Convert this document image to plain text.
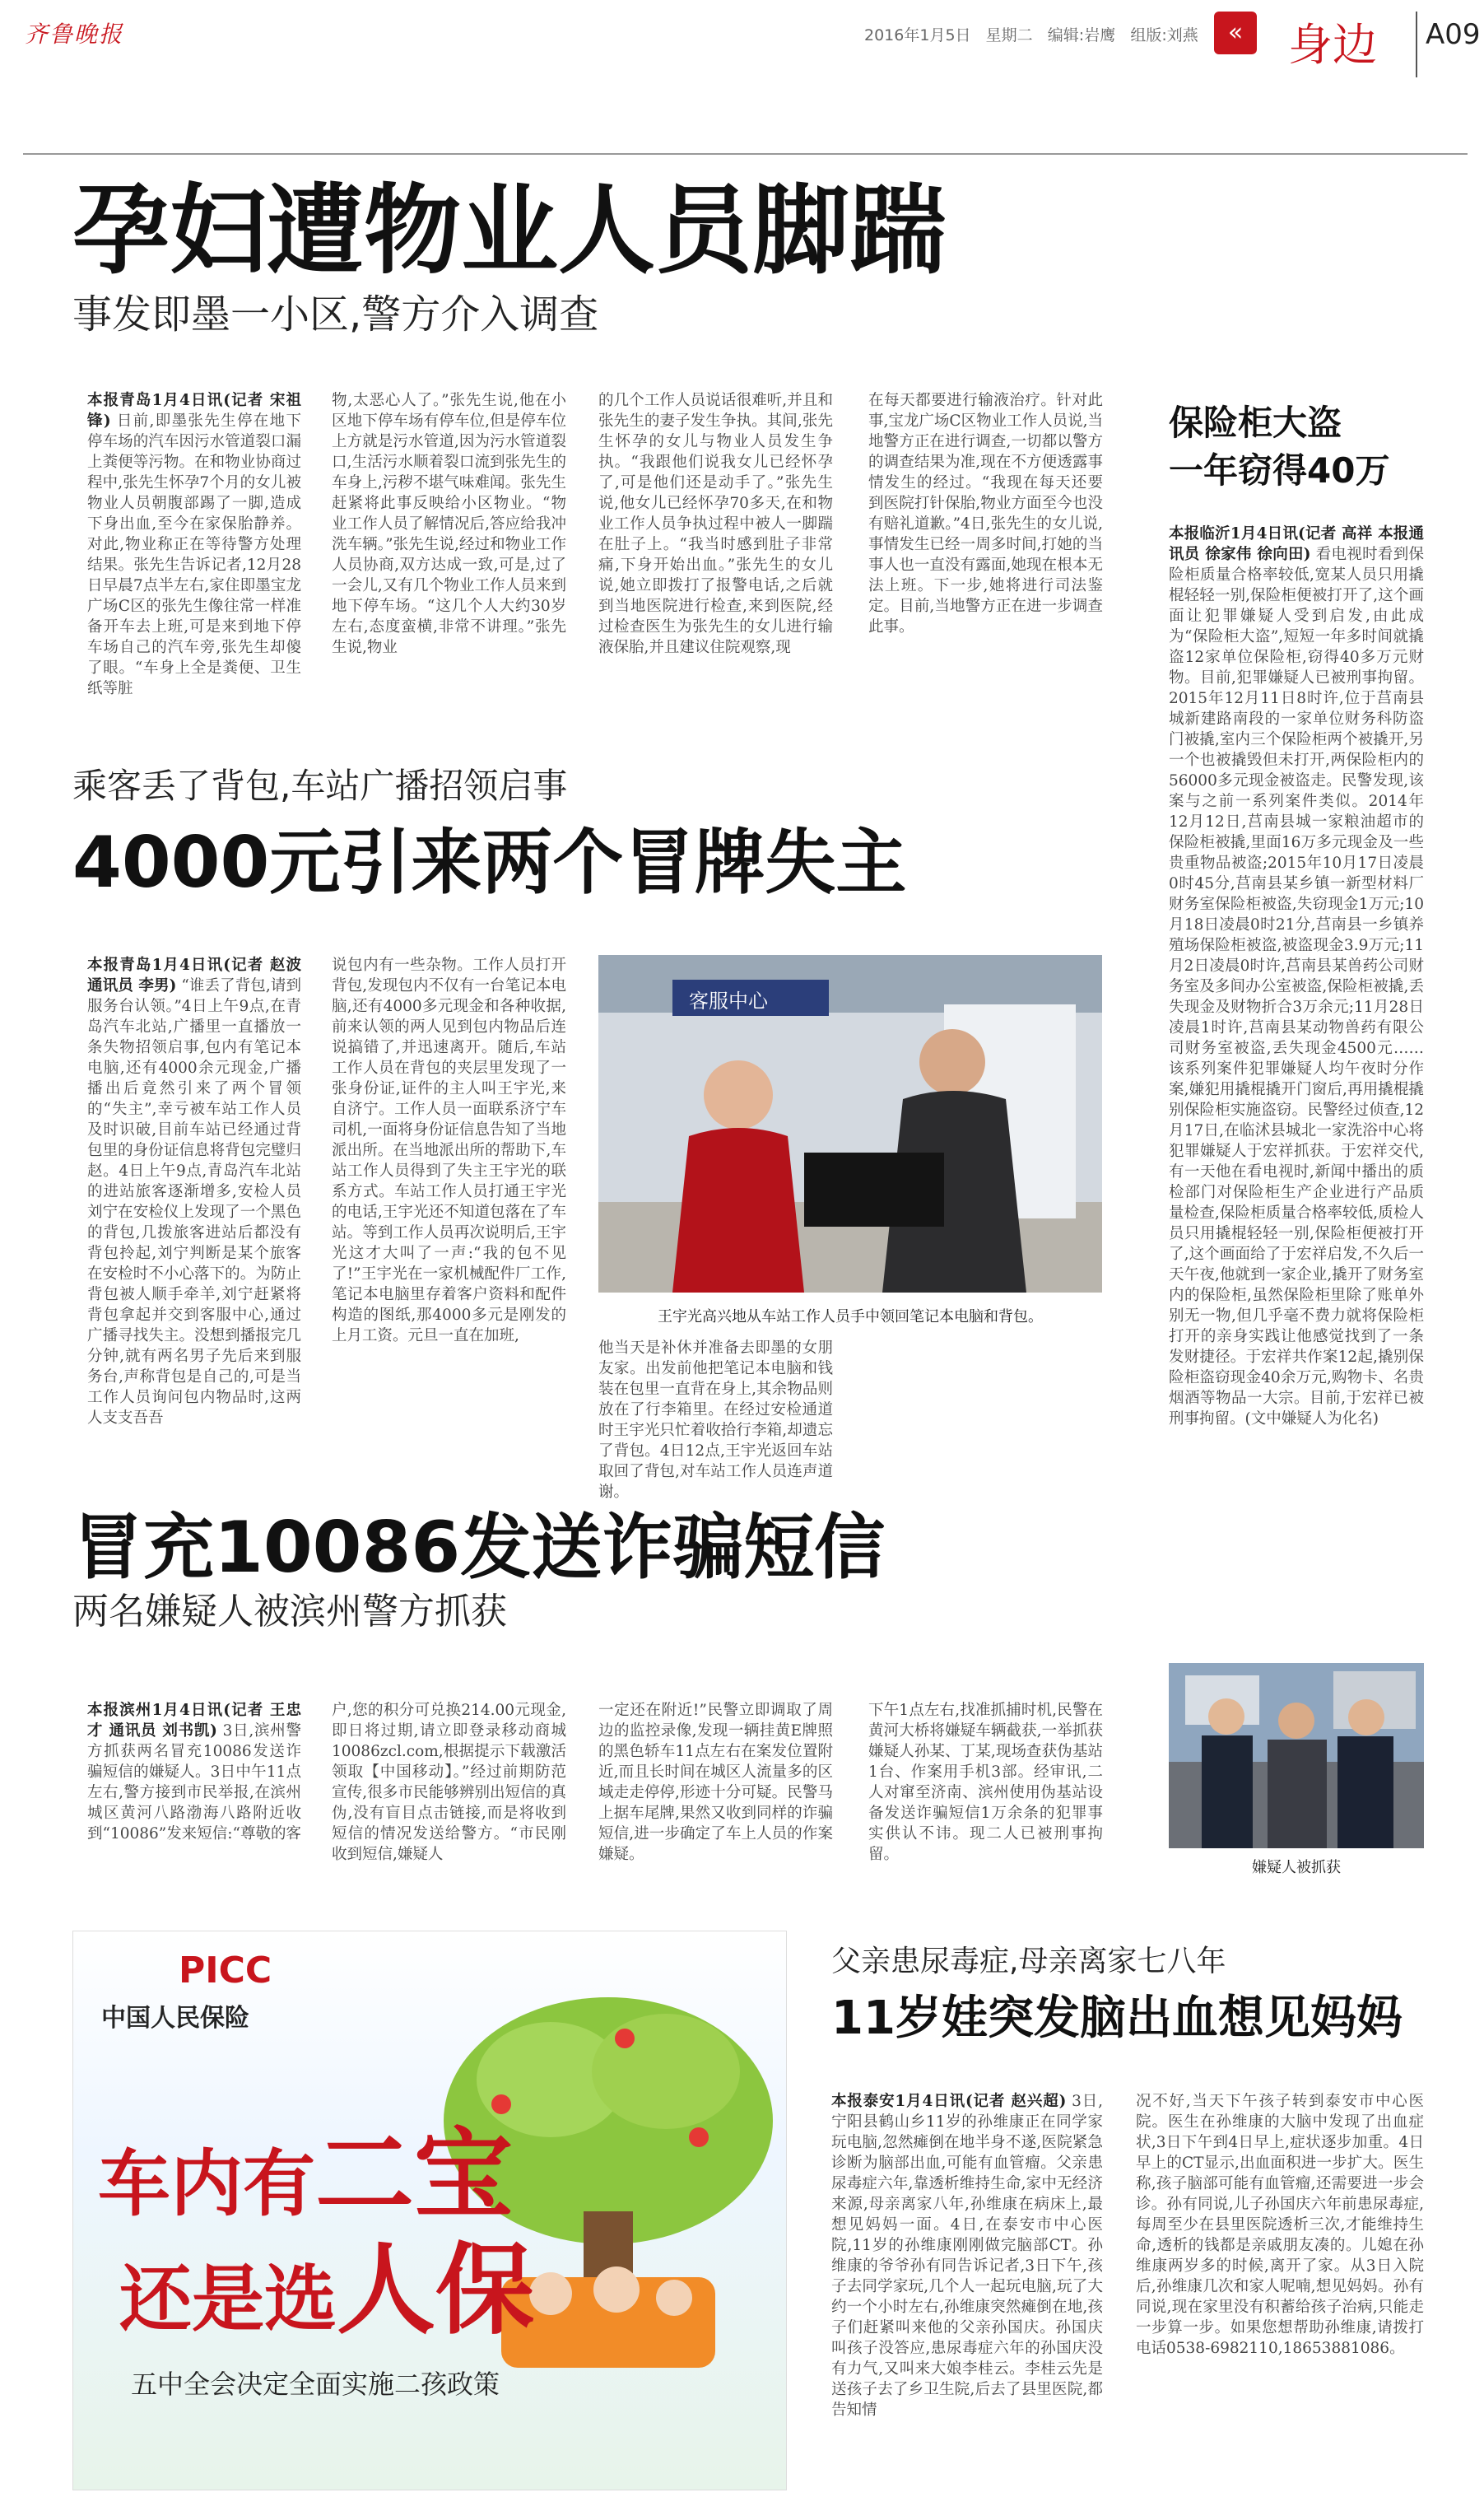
齐鲁晚报	2016年1月5日 星期二 编辑:岩鹰 组版:刘燕	«	身边 A09
孕妇遭物业人员脚踹
事发即墨一小区,警方介入调查
本报青岛1月4日讯(记者 宋祖锋) 日前,即墨张先生停在地下停车场的汽车因污水管道裂口漏上粪便等污物。在和物业协商过程中,张先生怀孕7个月的女儿被物业人员朝腹部踢了一脚,造成下身出血,至今在家保胎静养。对此,物业称正在等待警方处理结果。张先生告诉记者,12月28日早晨7点半左右,家住即墨宝龙广场C区的张先生像往常一样准备开车去上班,可是来到地下停车场自己的汽车旁,张先生却傻了眼。“车身上全是粪便、卫生纸等脏
物,太恶心人了。”张先生说,他在小区地下停车场有停车位,但是停车位上方就是污水管道,因为污水管道裂口,生活污水顺着裂口流到张先生的车身上,污秽不堪气味难闻。张先生赶紧将此事反映给小区物业。“物业工作人员了解情况后,答应给我冲洗车辆。”张先生说,经过和物业工作人员协商,双方达成一致,可是,过了一会儿,又有几个物业工作人员来到地下停车场。“这几个人大约30岁左右,态度蛮横,非常不讲理。”张先生说,物业
的几个工作人员说话很难听,并且和张先生的妻子发生争执。其间,张先生怀孕的女儿与物业人员发生争执。“我跟他们说我女儿已经怀孕了,可是他们还是动手了。”张先生说,他女儿已经怀孕70多天,在和物业工作人员争执过程中被人一脚踹在肚子上。“我当时感到肚子非常痛,下身开始出血。”张先生的女儿说,她立即拨打了报警电话,之后就到当地医院进行检查,来到医院,经过检查医生为张先生的女儿进行输液保胎,并且建议住院观察,现
在每天都要进行输液治疗。针对此事,宝龙广场C区物业工作人员说,当地警方正在进行调查,一切都以警方的调查结果为准,现在不方便透露事情发生的经过。“我现在每天还要到医院打针保胎,物业方面至今也没有赔礼道歉。”4日,张先生的女儿说,事情发生已经一周多时间,打她的当事人也一直没有露面,她现在根本无法上班。下一步,她将进行司法鉴定。目前,当地警方正在进一步调查此事。
保险柜大盗
一年窃得40万
本报临沂1月4日讯(记者 高祥 本报通讯员 徐家伟 徐向田) 看电视时看到保险柜质量合格率较低,宽某人员只用撬棍轻轻一别,保险柜便被打开了,这个画面让犯罪嫌疑人受到启发,由此成为“保险柜大盗”,短短一年多时间就撬盗12家单位保险柜,窃得40多万元财物。目前,犯罪嫌疑人已被刑事拘留。2015年12月11日8时许,位于莒南县城新建路南段的一家单位财务科防盗门被撬,室内三个保险柜两个被撬开,另一个也被撬毁但未打开,两保险柜内的56000多元现金被盗走。民警发现,该案与之前一系列案件类似。2014年12月12日,莒南县城一家粮油超市的保险柜被撬,里面16万多元现金及一些贵重物品被盗;2015年10月17日凌晨0时45分,莒南县某乡镇一新型材料厂财务室保险柜被盗,失窃现金1万元;10月18日凌晨0时21分,莒南县一乡镇养殖场保险柜被盗,被盗现金3.9万元;11月2日凌晨0时许,莒南县某兽药公司财务室及多间办公室被盗,保险柜被撬,丢失现金及财物折合3万余元;11月28日凌晨1时许,莒南县某动物兽药有限公司财务室被盗,丢失现金4500元……该系列案件犯罪嫌疑人均午夜时分作案,嫌犯用撬棍撬开门窗后,再用撬棍撬别保险柜实施盗窃。民警经过侦查,12月17日,在临沭县城北一家洗浴中心将犯罪嫌疑人于宏祥抓获。于宏祥交代,有一天他在看电视时,新闻中播出的质检部门对保险柜生产企业进行产品质量检查,保险柜质量合格率较低,质检人员只用撬棍轻轻一别,保险柜便被打开了,这个画面给了于宏祥启发,不久后一天午夜,他就到一家企业,撬开了财务室内的保险柜,虽然保险柜里除了账单外别无一物,但几乎毫不费力就将保险柜打开的亲身实践让他感觉找到了一条发财捷径。于宏祥共作案12起,撬别保险柜盗窃现金40余万元,购物卡、名贵烟酒等物品一大宗。目前,于宏祥已被刑事拘留。(文中嫌疑人为化名)
嫌疑人被抓获
乘客丢了背包,车站广播招领启事
4000元引来两个冒牌失主
本报青岛1月4日讯(记者 赵波 通讯员 李男) “谁丢了背包,请到服务台认领。”4日上午9点,在青岛汽车北站,广播里一直播放一条失物招领启事,包内有笔记本电脑,还有4000余元现金,广播播出后竟然引来了两个冒领的“失主”,幸亏被车站工作人员及时识破,目前车站已经通过背包里的身份证信息将背包完璧归赵。4日上午9点,青岛汽车北站的进站旅客逐渐增多,安检人员刘宁在安检仪上发现了一个黑色的背包,几拨旅客进站后都没有背包拎起,刘宁判断是某个旅客在安检时不小心落下的。为防止背包被人顺手牵羊,刘宁赶紧将背包拿起并交到客服中心,通过广播寻找失主。没想到播报完几分钟,就有两名男子先后来到服务台,声称背包是自己的,可是当工作人员询问包内物品时,这两人支支吾吾
说包内有一些杂物。工作人员打开背包,发现包内不仅有一台笔记本电脑,还有4000多元现金和各种收据,前来认领的两人见到包内物品后连说搞错了,并迅速离开。随后,车站工作人员在背包的夹层里发现了一张身份证,证件的主人叫王宇光,来自济宁。工作人员一面联系济宁车司机,一面将身份证信息告知了当地派出所。在当地派出所的帮助下,车站工作人员得到了失主王宇光的联系方式。车站工作人员打通王宇光的电话,王宇光还不知道包落在了车站。等到工作人员再次说明后,王宇光这才大叫了一声:“我的包不见了!”王宇光在一家机械配件厂工作,笔记本电脑里存着客户资料和配件构造的图纸,那4000多元是刚发的上月工资。元旦一直在加班,
客服中心
王宇光高兴地从车站工作人员手中领回笔记本电脑和背包。
他当天是补休并准备去即墨的女朋友家。出发前他把笔记本电脑和钱装在包里一直背在身上,其余物品则放在了行李箱里。在经过安检通道时王宇光只忙着收拾行李箱,却遗忘了背包。4日12点,王宇光返回车站取回了背包,对车站工作人员连声道谢。
冒充10086发送诈骗短信
两名嫌疑人被滨州警方抓获
本报滨州1月4日讯(记者 王忠才 通讯员 刘书凯) 3日,滨州警方抓获两名冒充10086发送诈骗短信的嫌疑人。3日中午11点左右,警方接到市民举报,在滨州城区黄河八路渤海八路附近收到“10086”发来短信:“尊敬的客
户,您的积分可兑换214.00元现金,即日将过期,请立即登录移动商城10086zcl.com,根据提示下载激活领取【中国移动】。”经过前期防范宣传,很多市民能够辨别出短信的真伪,没有盲目点击链接,而是将收到短信的情况发送给警方。“市民刚收到短信,嫌疑人
一定还在附近!”民警立即调取了周边的监控录像,发现一辆挂黄E牌照的黑色轿车11点左右在案发位置附近,而且长时间在城区人流量多的区域走走停停,形迹十分可疑。民警马上据车尾牌,果然又收到同样的诈骗短信,进一步确定了车上人员的作案嫌疑。
下午1点左右,找准抓捕时机,民警在黄河大桥将嫌疑车辆截获,一举抓获嫌疑人孙某、丁某,现场查获伪基站1台、作案用手机3部。经审讯,二人对窜至济南、滨州使用伪基站设备发送诈骗短信1万余条的犯罪事实供认不讳。现二人已被刑事拘留。
PICC
中国人民保险
车内有二宝
还是选人保
五中全会决定全面实施二孩政策
父亲患尿毒症,母亲离家七八年
11岁娃突发脑出血想见妈妈
本报泰安1月4日讯(记者 赵兴超) 3日,宁阳县鹤山乡11岁的孙维康正在同学家玩电脑,忽然瘫倒在地半身不遂,医院紧急诊断为脑部出血,可能有血管瘤。父亲患尿毒症六年,靠透析维持生命,家中无经济来源,母亲离家八年,孙维康在病床上,最想见妈妈一面。4日,在泰安市中心医院,11岁的孙维康刚刚做完脑部CT。孙维康的爷爷孙有同告诉记者,3日下午,孩子去同学家玩,几个人一起玩电脑,玩了大约一个小时左右,孙维康突然瘫倒在地,孩子们赶紧叫来他的父亲孙国庆。孙国庆叫孩子没答应,患尿毒症六年的孙国庆没有力气,又叫来大娘李桂云。李桂云先是送孩子去了乡卫生院,后去了县里医院,都告知情
况不好,当天下午孩子转到泰安市中心医院。医生在孙维康的大脑中发现了出血症状,3日下午到4日早上,症状逐步加重。4日早上的CT显示,出血面积进一步扩大。医生称,孩子脑部可能有血管瘤,还需要进一步会诊。孙有同说,儿子孙国庆六年前患尿毒症,每周至少在县里医院透析三次,才能维持生命,透析的钱都是亲戚朋友凑的。儿媳在孙维康两岁多的时候,离开了家。从3日入院后,孙维康几次和家人呢喃,想见妈妈。孙有同说,现在家里没有积蓄给孩子治病,只能走一步算一步。如果您想帮助孙维康,请拨打电话0538-6982110,18653881086。
